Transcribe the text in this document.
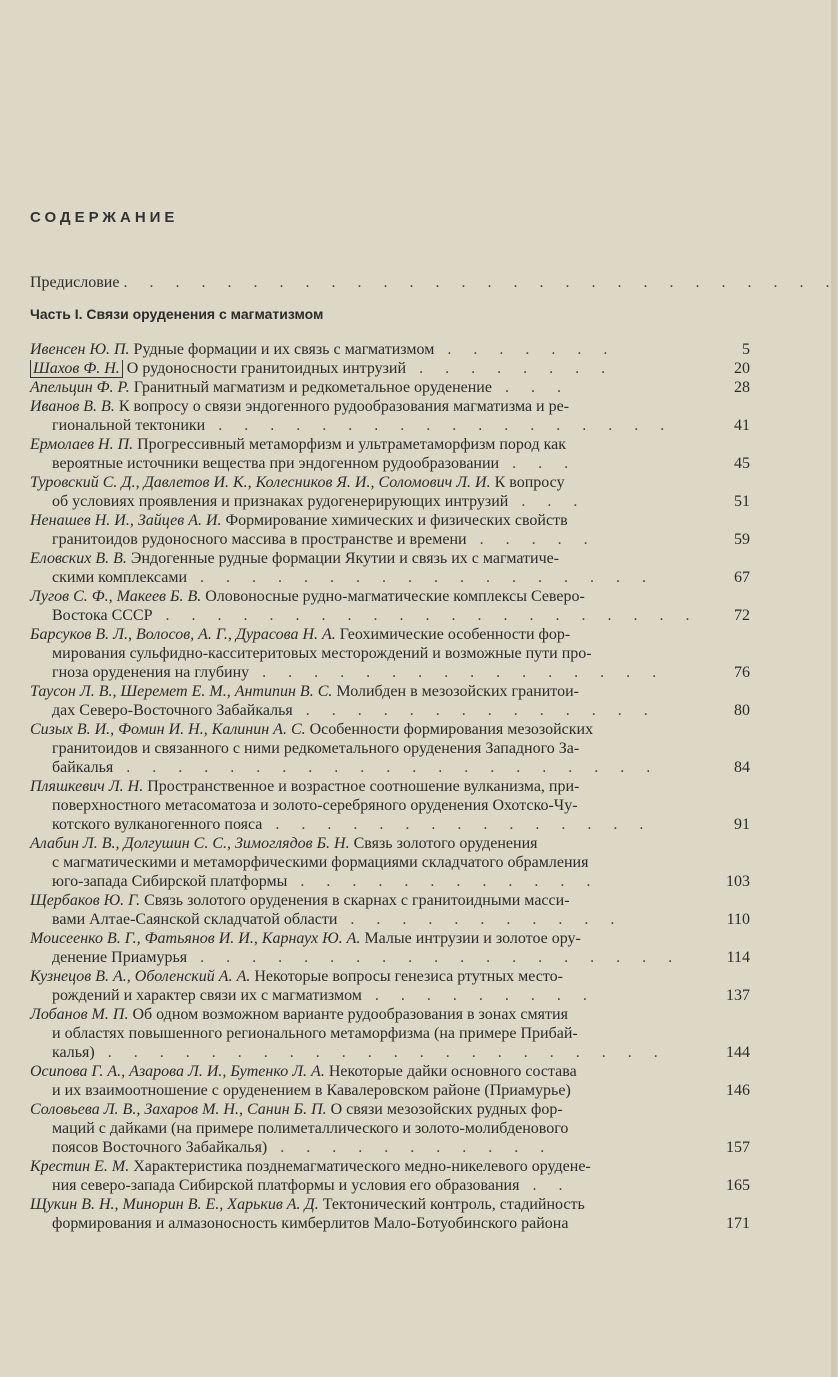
СОДЕРЖАНИЕ
Предисловие . . . . . . . . . . . . . . . . . . . . . . . . . . . .
Часть I. Связи оруденения с магматизмом
Ивенсен Ю. П. Рудные формации и их связь с магматизмом . . . . . . .	5
Шахов Ф. Н. О рудоносности гранитоидных интрузий . . . . . . . .	20
Апельцин Ф. Р. Гранитный магматизм и редкометальное оруденение . . .	28
Иванов В. В. К вопросу о связи эндогенного рудообразования магматизма и ре-
гиональной тектоники . . . . . . . . . . . . . . . . . .	41
Ермолаев Н. П. Прогрессивный метаморфизм и ультраметаморфизм пород как
вероятные источники вещества при эндогенном рудообразовании . . .	45
Туровский С. Д., Давлетов И. К., Колесников Я. И., Соломович Л. И. К вопросу
об условиях проявления и признаках рудогенерирующих интрузий . . .	51
Ненашев Н. И., Зайцев А. И. Формирование химических и физических свойств
гранитоидов рудоносного массива в пространстве и времени . . . . .	59
Еловских В. В. Эндогенные рудные формации Якутии и связь их с магматиче-
скими комплексами . . . . . . . . . . . . . . . . . .	67
Лугов С. Ф., Макеев Б. В. Оловоносные рудно-магматические комплексы Северо-
Востока СССР . . . . . . . . . . . . . . . . . . . . .	72
Барсуков В. Л., Волосов, А. Г., Дурасова Н. А. Геохимические особенности фор-
мирования сульфидно-касситеритовых месторождений и возможные пути про-
гноза оруденения на глубину . . . . . . . . . . . . . . . .	76
Таусон Л. В., Шеремет Е. М., Антипин В. С. Молибден в мезозойских гранитои-
дах Северо-Восточного Забайкалья . . . . . . . . . . . . . .	80
Сизых В. И., Фомин И. Н., Калинин А. С. Особенности формирования мезозойских
гранитоидов и связанного с ними редкометального оруденения Западного За-
байкалья . . . . . . . . . . . . . . . . . . . . .	84
Пляшкевич Л. Н. Пространственное и возрастное соотношение вулканизма, при-
поверхностного метасоматоза и золото-серебряного оруденения Охотско-Чу-
котского вулканогенного пояса . . . . . . . . . . . . . . .	91
Алабин Л. В., Долгушин С. С., Зимоглядов Б. Н. Связь золотого оруденения
с магматическими и метаморфическими формациями складчатого обрамления
юго-запада Сибирской платформы . . . . . . . . . . . .	103
Щербаков Ю. Г. Связь золотого оруденения в скарнах с гранитоидными масси-
вами Алтае-Саянской складчатой области . . . . . . . . . . .	110
Моисеенко В. Г., Фатьянов И. И., Карнаух Ю. А. Малые интрузии и золотое ору-
денение Приамурья . . . . . . . . . . . . . . . . . . .	114
Кузнецов В. А., Оболенский А. А. Некоторые вопросы генезиса ртутных место-
рождений и характер связи их с магматизмом . . . . . . . . .	137
Лобанов М. П. Об одном возможном варианте рудообразования в зонах смятия
и областях повышенного регионального метаморфизма (на примере Прибай-
калья) . . . . . . . . . . . . . . . . . . . . . .	144
Осипова Г. А., Азарова Л. И., Бутенко Л. А. Некоторые дайки основного состава
и их взаимоотношение с оруденением в Кавалеровском районе (Приамурье)	146
Соловьева Л. В., Захаров М. Н., Санин Б. П. О связи мезозойских рудных фор-
маций с дайками (на примере полиметаллического и золото-молибденового
поясов Восточного Забайкалья) . . . . . . . . . . .	157
Крестин Е. М. Характеристика позднемагматического медно-никелевого орудене-
ния северо-запада Сибирской платформы и условия его образования . .	165
Щукин В. Н., Минорин В. Е., Харькив А. Д. Тектонический контроль, стадийность
формирования и алмазоносность кимберлитов Мало-Ботуобинского района	171
